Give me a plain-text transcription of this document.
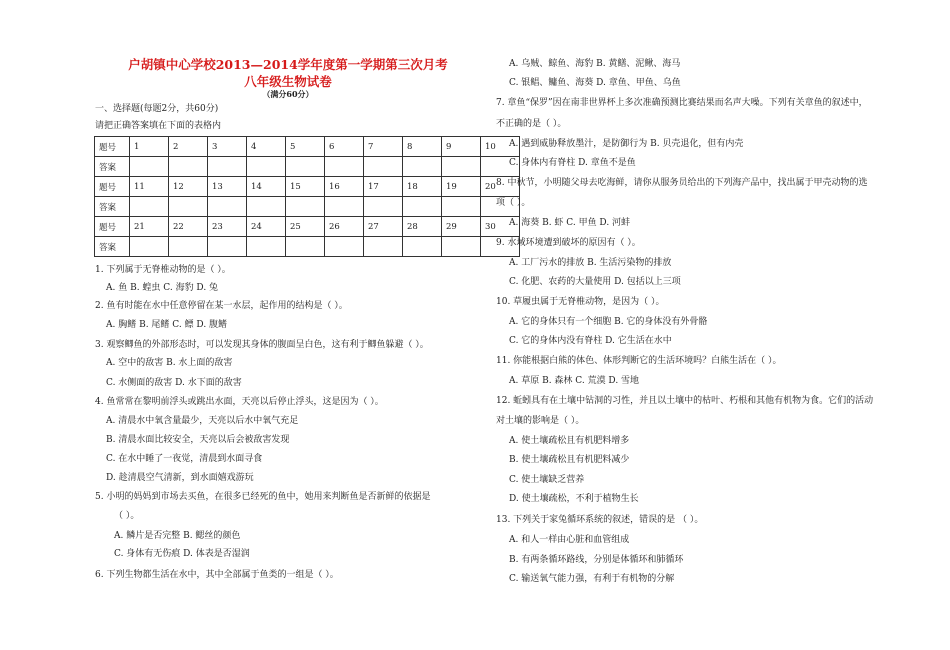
户胡镇中心学校2013—2014学年度第一学期第三次月考
八年级生物试卷
（满分60分）
一、选择题(每题2分，共60分)
请把正确答案填在下面的表格内
题号	1	2	3	4	5	6	7	8	9	10
答案										
题号	11	12	13	14	15	16	17	18	19	20
答案										
题号	21	22	23	24	25	26	27	28	29	30
答案										
1. 下列属于无脊椎动物的是（ ）。
A. 鱼 B. 蝗虫 C. 海豹 D. 兔
2. 鱼有时能在水中任意停留在某一水层，起作用的结构是（ ）。
A. 胸鳍 B. 尾鳍 C. 鳔 D. 腹鳍
3. 观察鲫鱼的外部形态时，可以发现其身体的腹面呈白色，这有利于鲫鱼躲避（ ）。
A. 空中的敌害 B. 水上面的敌害
C. 水侧面的敌害 D. 水下面的敌害
4. 鱼常常在黎明前浮头或跳出水面，天亮以后停止浮头，这是因为（ ）。
A. 清晨水中氧含量最少，天亮以后水中氧气充足
B. 清晨水面比较安全，天亮以后会被敌害发现
C. 在水中睡了一夜觉，清晨到水面寻食
D. 趁清晨空气清新，到水面嬉戏游玩
5. 小明的妈妈到市场去买鱼，在很多已经死的鱼中，她用来判断鱼是否新鲜的依据是
（ ）。
A. 鳞片是否完整 B. 鳃丝的颜色
C. 身体有无伤痕 D. 体表是否湿润
6. 下列生物都生活在水中，其中全部属于鱼类的一组是（ ）。
A. 乌贼、鲸鱼、海豹 B. 黄鳝、泥鳅、海马
C. 银鲳、鳙鱼、海葵 D. 章鱼、甲鱼、乌鱼
7. 章鱼“保罗”因在南非世界杯上多次准确预测比赛结果而名声大噪。下列有关章鱼的叙述中，
不正确的是（ ）。
A. 遇到威胁释放墨汁，是防御行为 B. 贝壳退化，但有内壳
C. 身体内有脊柱 D. 章鱼不是鱼
8. 中秋节，小明随父母去吃海鲜，请你从服务员给出的下列海产品中，找出属于甲壳动物的选
项（ ）。
A. 海葵 B. 虾 C. 甲鱼 D. 河蚌
9. 水域环境遭到破坏的原因有（ ）。
A. 工厂污水的排放 B. 生活污染物的排放
C. 化肥、农药的大量使用 D. 包括以上三项
10. 草履虫属于无脊椎动物，是因为（ ）。
A. 它的身体只有一个细胞 B. 它的身体没有外骨骼
C. 它的身体内没有脊柱 D. 它生活在水中
11. 你能根据白熊的体色、体形判断它的生活环境吗？白熊生活在（ ）。
A. 草原 B. 森林 C. 荒漠 D. 雪地
12. 蚯蚓具有在土壤中钻洞的习性，并且以土壤中的枯叶、朽根和其他有机物为食。它们的活动
对土壤的影响是（ ）。
A. 使土壤疏松且有机肥料增多
B. 使土壤疏松且有机肥料减少
C. 使土壤缺乏营养
D. 使土壤疏松，不利于植物生长
13. 下列关于家兔循环系统的叙述，错误的是 （ ）。
A. 和人一样由心脏和血管组成
B. 有两条循环路线，分别是体循环和肺循环
C. 输送氧气能力强，有利于有机物的分解
